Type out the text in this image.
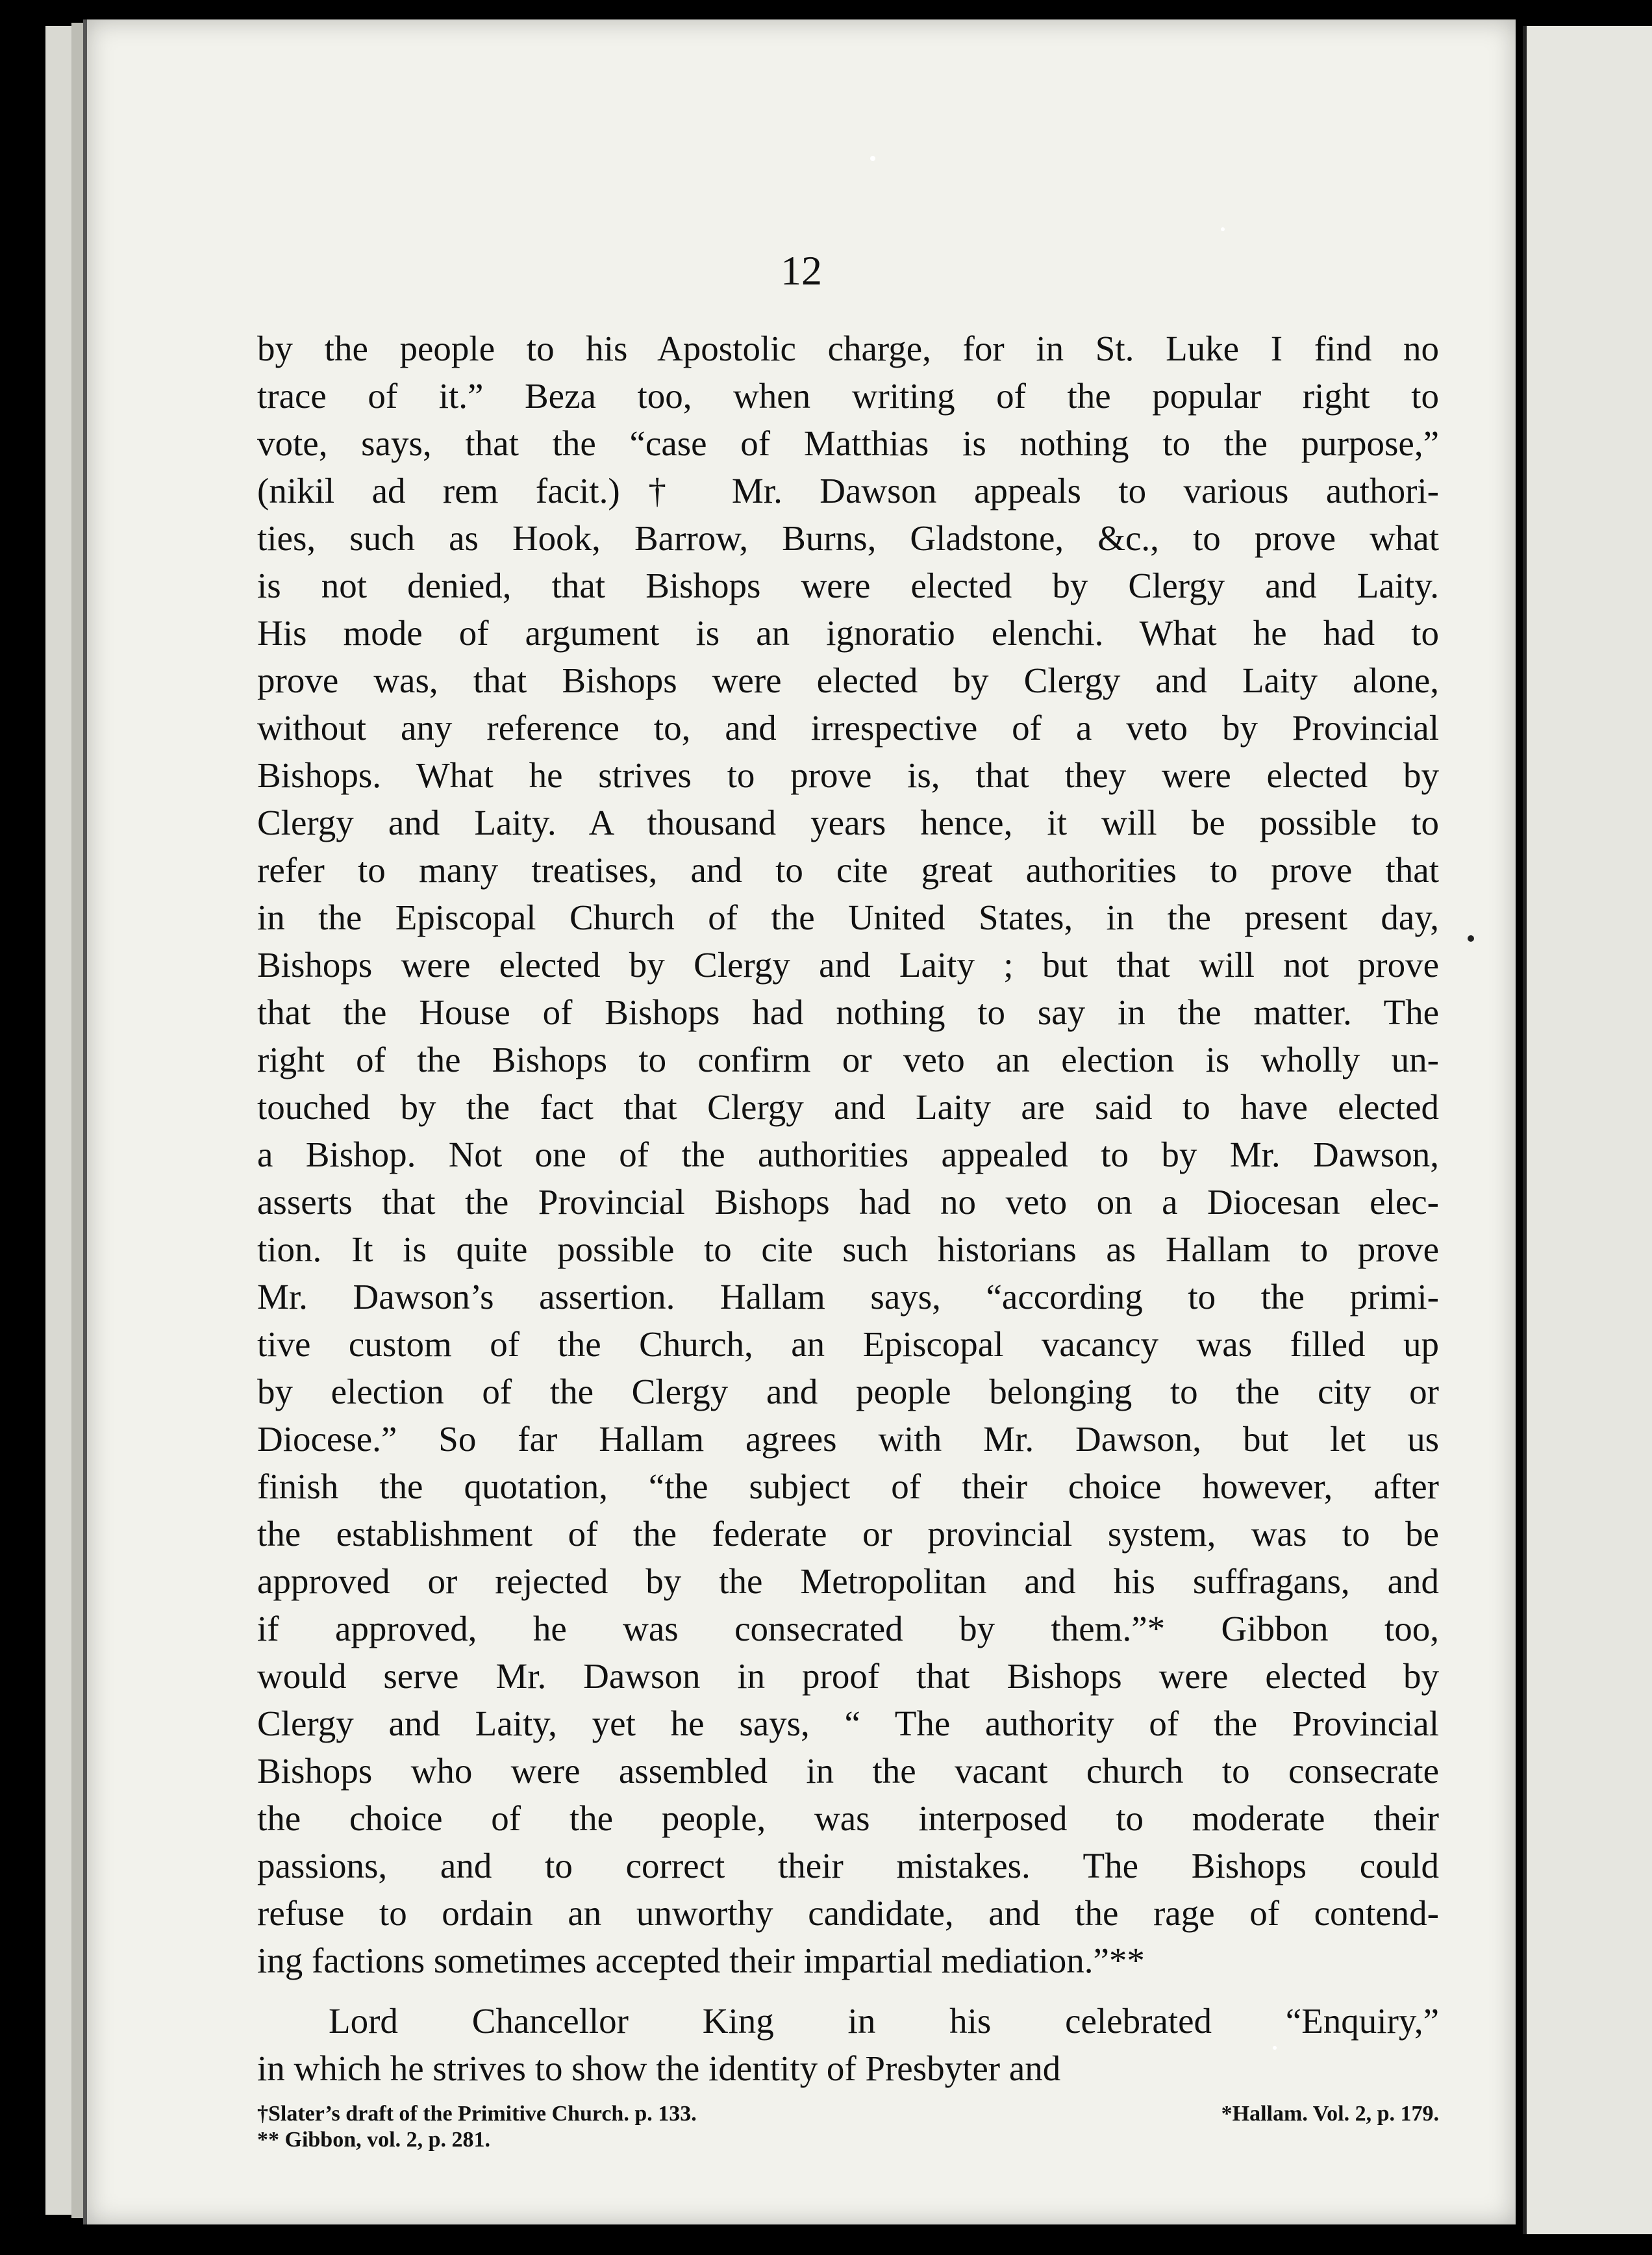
12
by the people to his Apostolic charge, for in St. Luke I find no
trace of it.” Beza too, when writing of the popular right to
vote, says, that the “case of Matthias is nothing to the purpose,”
(nikil ad rem facit.)† Mr. Dawson appeals to various authori-
ties, such as Hook, Barrow, Burns, Gladstone, &c., to prove what
is not denied, that Bishops were elected by Clergy and Laity.
His mode of argument is an ignoratio elenchi. What he had to
prove was, that Bishops were elected by Clergy and Laity alone,
without any reference to, and irrespective of a veto by Provincial
Bishops. What he strives to prove is, that they were elected by
Clergy and Laity. A thousand years hence, it will be possible to
refer to many treatises, and to cite great authorities to prove that
in the Episcopal Church of the United States, in the present day,
Bishops were elected by Clergy and Laity ; but that will not prove
that the House of Bishops had nothing to say in the matter. The
right of the Bishops to confirm or veto an election is wholly un-
touched by the fact that Clergy and Laity are said to have elected
a Bishop. Not one of the authorities appealed to by Mr. Dawson,
asserts that the Provincial Bishops had no veto on a Diocesan elec-
tion. It is quite possible to cite such historians as Hallam to prove
Mr. Dawson’s assertion. Hallam says, “according to the primi-
tive custom of the Church, an Episcopal vacancy was filled up
by election of the Clergy and people belonging to the city or
Diocese.” So far Hallam agrees with Mr. Dawson, but let us
finish the quotation, “the subject of their choice however, after
the establishment of the federate or provincial system, was to be
approved or rejected by the Metropolitan and his suffragans, and
if approved, he was consecrated by them.”* Gibbon too,
would serve Mr. Dawson in proof that Bishops were elected by
Clergy and Laity, yet he says, “ The authority of the Provincial
Bishops who were assembled in the vacant church to consecrate
the choice of the people, was interposed to moderate their
passions, and to correct their mistakes. The Bishops could
refuse to ordain an unworthy candidate, and the rage of contend-
ing factions sometimes accepted their impartial mediation.”**
Lord Chancellor King in his celebrated “Enquiry,”
in which he strives to show the identity of Presbyter and
†Slater’s draft of the Primitive Church. p. 133.	*Hallam. Vol. 2, p. 179.
** Gibbon, vol. 2, p. 281.
